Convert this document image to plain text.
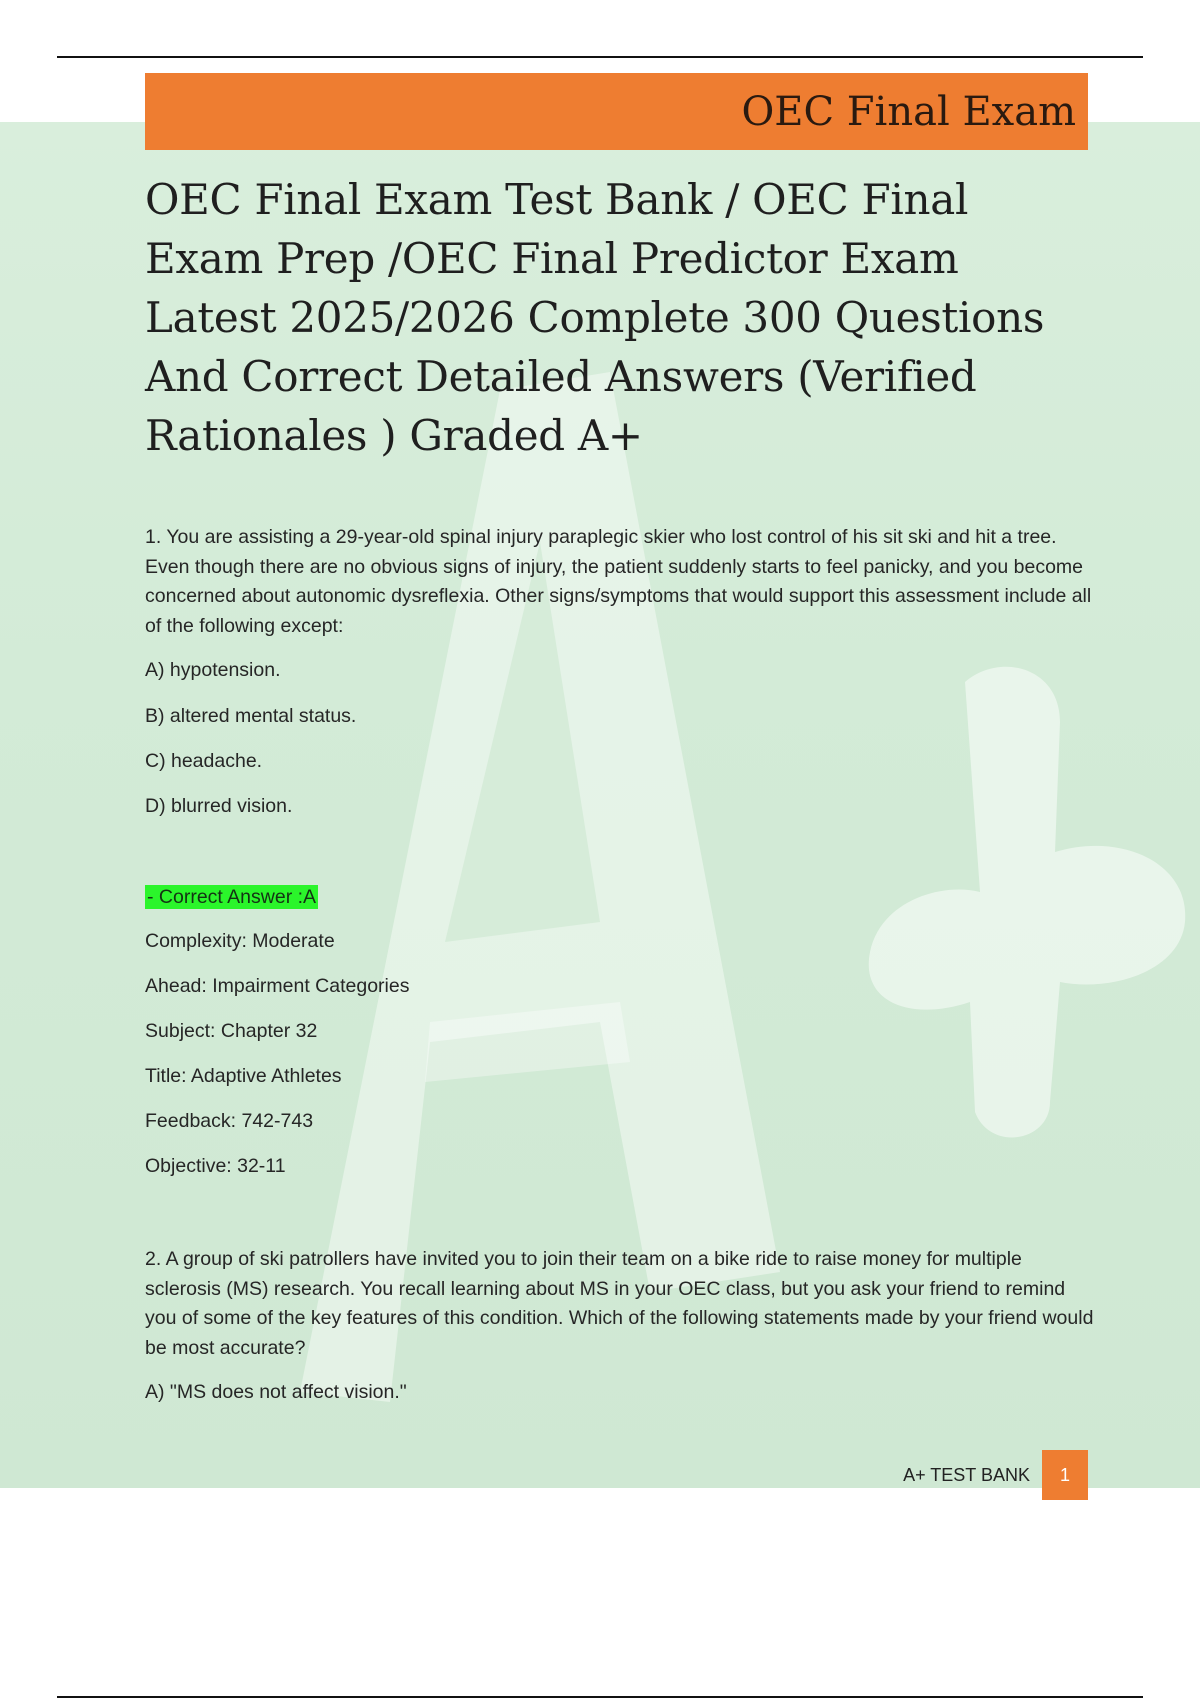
OEC Final Exam
OEC Final Exam Test Bank / OEC Final Exam Prep /OEC Final Predictor Exam Latest 2025/2026 Complete 300 Questions And Correct Detailed Answers (Verified Rationales ) Graded A+

1. You are assisting a 29-year-old spinal injury paraplegic skier who lost control of his sit ski and hit a tree. Even though there are no obvious signs of injury, the patient suddenly starts to feel panicky, and you become concerned about autonomic dysreflexia. Other signs/symptoms that would support this assessment include all of the following except:

A) hypotension.

B) altered mental status.

C) headache.

D) blurred vision.

- Correct Answer :A

Complexity: Moderate

Ahead: Impairment Categories

Subject: Chapter 32

Title: Adaptive Athletes

Feedback: 742-743

Objective: 32-11

2. A group of ski patrollers have invited you to join their team on a bike ride to raise money for multiple sclerosis (MS) research. You recall learning about MS in your OEC class, but you ask your friend to remind you of some of the key features of this condition. Which of the following statements made by your friend would be most accurate?

A) "MS does not affect vision."

A+ TEST BANK	1
